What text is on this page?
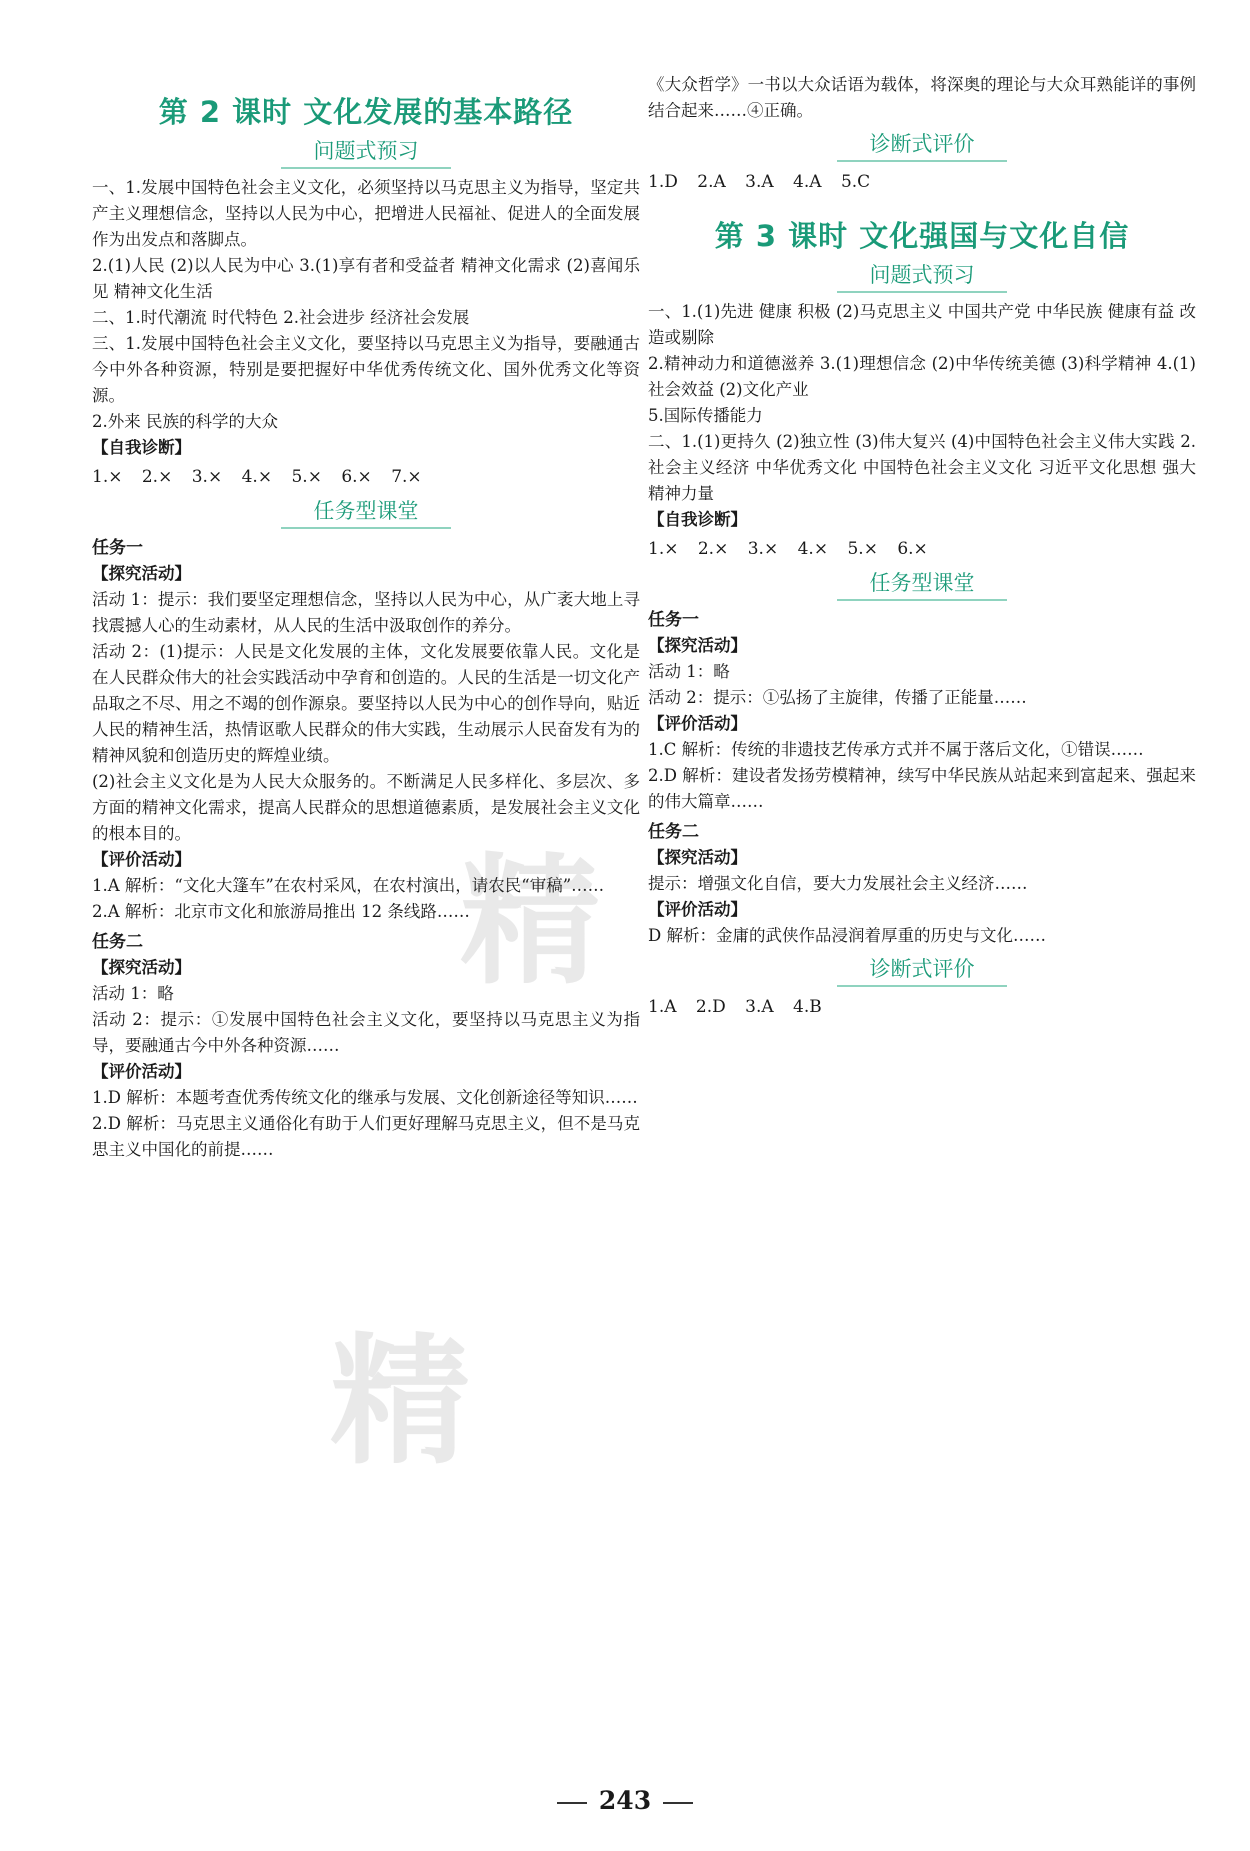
精
精
第 2 课时 文化发展的基本路径
问题式预习

一、1.发展中国特色社会主义文化，必须坚持以马克思主义为指导，坚定共产主义理想信念，坚持以人民为中心，把增进人民福祉、促进人的全面发展作为出发点和落脚点。

2.(1)人民 (2)以人民为中心 3.(1)享有者和受益者 精神文化需求 (2)喜闻乐见 精神文化生活

二、1.时代潮流 时代特色 2.社会进步 经济社会发展

三、1.发展中国特色社会主义文化，要坚持以马克思主义为指导，要融通古今中外各种资源，特别是要把握好中华优秀传统文化、国外优秀文化等资源。

2.外来 民族的科学的大众

【自我诊断】

1.× 2.× 3.× 4.× 5.× 6.× 7.×

任务型课堂

任务一

【探究活动】

活动 1：提示：我们要坚定理想信念，坚持以人民为中心，从广袤大地上寻找震撼人心的生动素材，从人民的生活中汲取创作的养分。

活动 2：(1)提示：人民是文化发展的主体，文化发展要依靠人民。文化是在人民群众伟大的社会实践活动中孕育和创造的。人民的生活是一切文化产品取之不尽、用之不竭的创作源泉。要坚持以人民为中心的创作导向，贴近人民的精神生活，热情讴歌人民群众的伟大实践，生动展示人民奋发有为的精神风貌和创造历史的辉煌业绩。

(2)社会主义文化是为人民大众服务的。不断满足人民多样化、多层次、多方面的精神文化需求，提高人民群众的思想道德素质，是发展社会主义文化的根本目的。

【评价活动】

1.A 解析：“文化大篷车”在农村采风，在农村演出，请农民“审稿”……

2.A 解析：北京市文化和旅游局推出 12 条线路……

任务二

【探究活动】

活动 1：略

活动 2：提示：①发展中国特色社会主义文化，要坚持以马克思主义为指导，要融通古今中外各种资源……

【评价活动】

1.D 解析：本题考查优秀传统文化的继承与发展、文化创新途径等知识……

2.D 解析：马克思主义通俗化有助于人们更好理解马克思主义，但不是马克思主义中国化的前提……

《大众哲学》一书以大众话语为载体，将深奥的理论与大众耳熟能详的事例结合起来……④正确。

诊断式评价

1.D 2.A 3.A 4.A 5.C

第 3 课时 文化强国与文化自信
问题式预习

一、1.(1)先进 健康 积极 (2)马克思主义 中国共产党 中华民族 健康有益 改造或剔除

2.精神动力和道德滋养 3.(1)理想信念 (2)中华传统美德 (3)科学精神 4.(1)社会效益 (2)文化产业

5.国际传播能力

二、1.(1)更持久 (2)独立性 (3)伟大复兴 (4)中国特色社会主义伟大实践 2.社会主义经济 中华优秀文化 中国特色社会主义文化 习近平文化思想 强大精神力量

【自我诊断】

1.× 2.× 3.× 4.× 5.× 6.×

任务型课堂

任务一

【探究活动】

活动 1：略

活动 2：提示：①弘扬了主旋律，传播了正能量……

【评价活动】

1.C 解析：传统的非遗技艺传承方式并不属于落后文化，①错误……

2.D 解析：建设者发扬劳模精神，续写中华民族从站起来到富起来、强起来的伟大篇章……

任务二

【探究活动】

提示：增强文化自信，要大力发展社会主义经济……

【评价活动】

D 解析：金庸的武侠作品浸润着厚重的历史与文化……

诊断式评价

1.A 2.D 3.A 4.B

243
